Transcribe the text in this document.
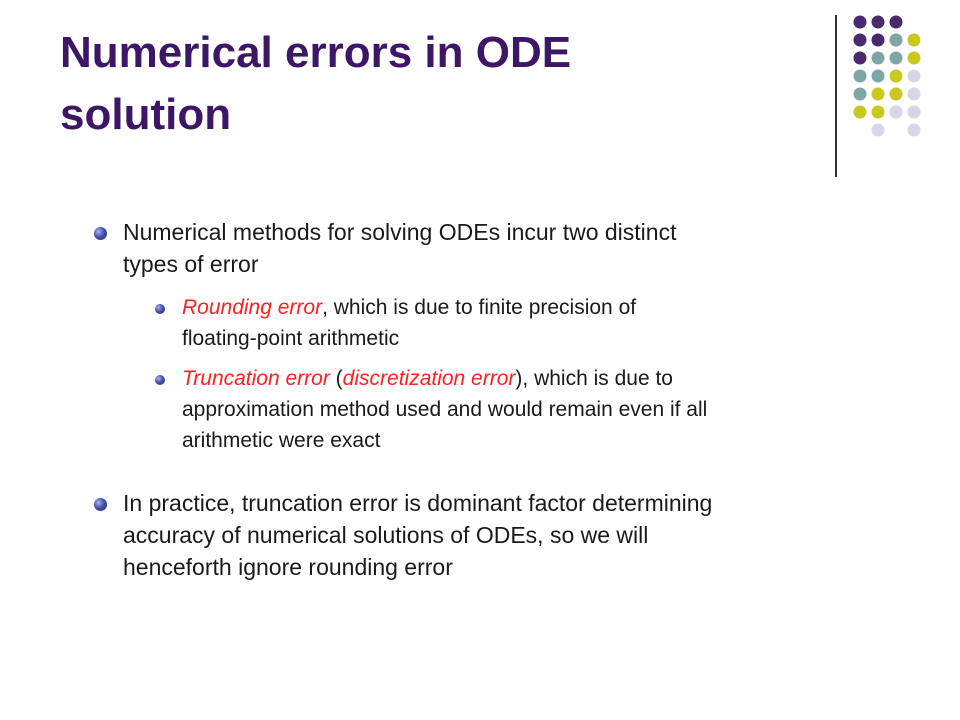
Numerical errors in ODE
solution

Numerical methods for solving ODEs incur two distinct
types of error

Rounding error, which is due to finite precision of
floating-point arithmetic

Truncation error (discretization error), which is due to
approximation method used and would remain even if all
arithmetic were exact

In practice, truncation error is dominant factor determining
accuracy of numerical solutions of ODEs, so we will
henceforth ignore rounding error
